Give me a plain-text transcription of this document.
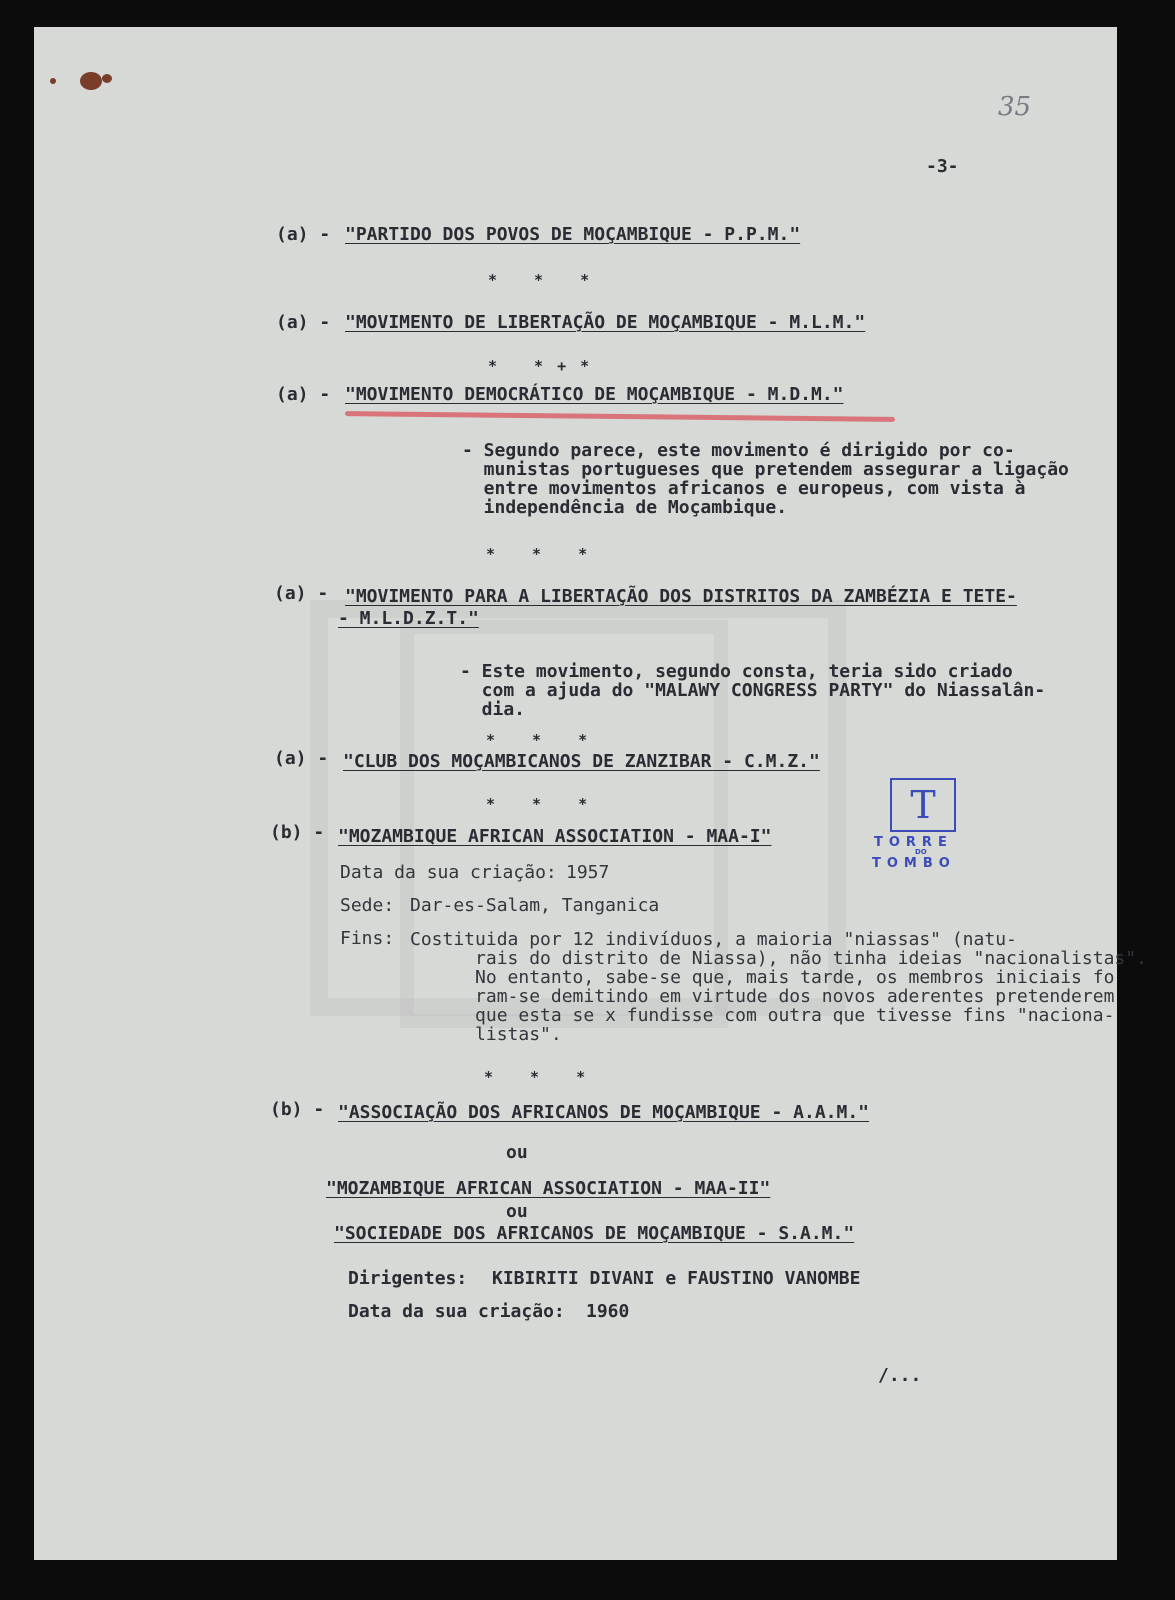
35
-3-
(a) - "PARTIDO DOS POVOS DE MOÇAMBIQUE - P.P.M."
* * *
(a) - "MOVIMENTO DE LIBERTAÇÃO DE MOÇAMBIQUE - M.L.M."
* *+*
(a) - "MOVIMENTO DEMOCRÁTICO DE MOÇAMBIQUE - M.D.M."
- Segundo parece, este movimento é dirigido por co-
munistas portugueses que pretendem assegurar a ligação
entre movimentos africanos e europeus, com vista à
independência de Moçambique.
* * *
(a) - "MOVIMENTO PARA A LIBERTAÇÃO DOS DISTRITOS DA ZAMBÉZIA E TETE-
- M.L.D.Z.T."
- Este movimento, segundo consta, teria sido criado
com a ajuda do "MALAWY CONGRESS PARTY" do Niassalân-
dia.
* * *
(a) - "CLUB DOS MOÇAMBICANOS DE ZANZIBAR - C.M.Z."
* * *
(b) - "MOZAMBIQUE AFRICAN ASSOCIATION - MAA-I"
Data da sua criação: 1957
Sede: Dar-es-Salam, Tanganica
Fins: Costituida por 12 indivíduos, a maioria "niassas" (natu-
rais do distrito de Niassa), não tinha ideias "nacionalistas".
No entanto, sabe-se que, mais tarde, os membros iniciais fo
ram-se demitindo em virtude dos novos aderentes pretenderem
que esta se x fundisse com outra que tivesse fins "naciona-
listas".
* * *
T
TORRE
DO
TOMBO
(b) - "ASSOCIAÇÃO DOS AFRICANOS DE MOÇAMBIQUE - A.A.M."
ou
"MOZAMBIQUE AFRICAN ASSOCIATION - MAA-II"
ou
"SOCIEDADE DOS AFRICANOS DE MOÇAMBIQUE - S.A.M."
Dirigentes: KIBIRITI DIVANI e FAUSTINO VANOMBE
Data da sua criação: 1960
/...
